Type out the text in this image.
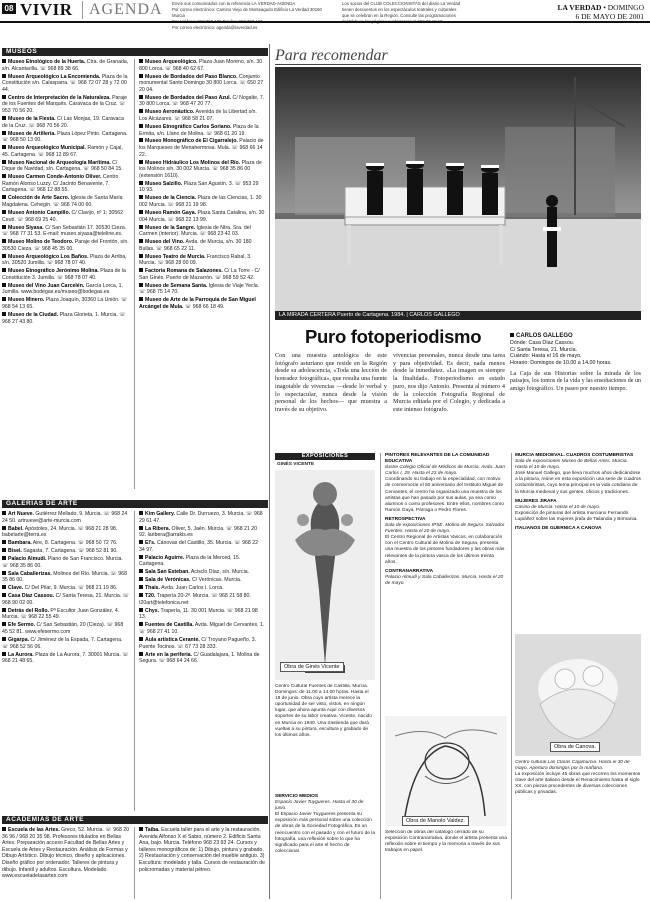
08 VIVIR	AGENDA Envíe sus comunicados con la referencia LA VERDAD-AGENDA
Por correo electrónico: Camino Viejo de Monteagudo Edificio La Verdad 30160 Murcia
Por correo electrónico: agenda@laverdad.es
Los socios del CLUB COLECCIONISTAS del diario La Verdad
tienen descuentos en los espectáculos teatrales y culturales
que se celebran en la Región. Consulte las programaciones
LA VERDAD • DOMINGO
6 DE MAYO DE 2001
MUSEOS

Museo Etnológico de la Huerta. Ctra. de Granada, s/n. Alcantarilla. ☏ 968 89 38 66.

Museo Arqueológico La Encomienda. Plaza de la Constitución s/n. Calasparra. ☏ 968 72 07 28 y 72 00 44.

Centro de Interpretación de la Naturaleza. Paraje de los Fuentes del Marqués. Caravaca de la Cruz. ☏ 953 70 56 20.

Museo de la Fiesta. C/ Las Monjas, 19. Caravaca de la Cruz. ☏ 968 70 56 20.

Museo de Artillería. Plaza López Pinto. Cartagena. ☏ 968 50 13 00.

Museo Arqueológico Municipal. Ramón y Cajal, 45. Cartagena. ☏ 968 12 89 67.

Museo Nacional de Arqueología Marítima. C/ Dique de Navidad, s/n. Cartagena. ☏ 968 50 84 15.

Museo Carmen Conde-Antonio Oliver. Centro Ramón Alonso Luzzy. C/ Jacinto Benavente, 7. Cartagena. ☏ 968 12 88 55.

Colección de Arte Sacro. Iglesia de Santa María Magdalena. Cehegín. ☏ 968 74 00 60.

Museo Antonio Campillo. C/ Clavijo, nº 1; 30562 Ceutí. ☏ 968 69 25 40.

Museo Siyasa. C/ San Sebastián 17. 30530 Cieza. ☏ 968 77 31 53. E-mail: museo.siyasa@teleline.es.

Museo Molino de Teodoro. Paraje del Frontón, s/n. 30530 Cieza. ☏ 968 45 35 00.

Museo Arqueológico Los Baños. Plaza de Arriba, s/n. 30520 Jumilla. ☏ 968 78 07 40.

Museo Etnográfico Jerónimo Molina. Plaza de la Constitución 3. Jumilla. ☏ 968 78 07 40.

Museo del Vino Juan Carcelén. García Lorca, 1. Jumilla. www.bodegas.es/museo@bodegas.es

Museo Minero. Plaza Joaquín, 30360 La Unión. ☏ 968 54 13 65.

Museo de la Ciudad. Plaza Glorieta, 1. Murcia. ☏ 968 27 43 80.

Museo Arqueológico. Plaza Juan Moreno, s/n. 30 800 Lorca. ☏ 968 40 62 67.

Museo de Bordados del Paso Blanco. Conjunto monumental Santo Domingo 30 800 Lorca. ☏ 650 27 20 04.

Museo de Bordados del Paso Azul. C/ Nogalte, 7. 30 800 Lorca. ☏ 968 47 20 77.

Museo Aeronáutico. Avenida de la Libertad s/n. Los Alcázares. ☏ 968 58 21 07.

Museo Etnográfico Carlos Soriano. Plaza de la Ermita, s/n. Llano de Molina. ☏ 968 61 20 19.

Museo Monográfico de El Cigarralejo. Palacio de los Marqueses de Menahermosa. Mula. ☏ 968 66 14 22.

Museo Hidráulico Los Molinos del Río. Plaza de los Molinos s/n. 30 002 Murcia. ☏ 968 35 86 00 (extensión 1610).

Museo Salzillo. Plaza San Agustín, 3. ☏ 953 29 10 93.

Museo de la Ciencia. Plaza de las Ciencias, 1. 30 002 Murcia. ☏ 968 21 19 98.

Museo Ramón Gaya. Plaza Santa Catalina, s/n. 30 004 Murcia. ☏ 968 22 13 99.

Museo de la Sangre. Iglesia de Ntra. Sra. del Carmen (interior). Murcia. ☏ 968 23 42 03.

Museo del Vino. Avda. de Murcia, s/n. 30 180 Bullas. ☏ 968 65 22 11.

Museo Teatro de Murcia. Francisco Rabal, 3. Murcia. ☏ 968 28 00 09.

Factoría Romana de Salazones. C/ La Torre - C/ San Ginés. Puerto de Mazarrón. ☏ 968 59 52 42.

Museo de Semana Santa. Iglesia de Viaje Yecla. ☏ 968 75 14 70.

Museo de Arte de la Parroquia de San Miguel Arcángel de Mula. ☏ 968 66 18 49.

GALERÍAS DE ARTE

Art Nueve. Gutiérrez Mellado, 9. Murcia. ☏ 968 24 24 50. artnueve@arte-murcia.com

Babel. Apóstoles, 24. Murcia. ☏ 968 21 28 98. babelarte@terra.es

Bambara. Aire, 8. Cartagena. ☏ 968 50 72 76.

Bisel. Sagasta, 7. Cartagena. ☏ 968 52 81 90.

Palacio Almudí. Plano de San Francisco. Murcia. ☏ 968 35 86 00.

Sala Caballerizas. Molinos del Río. Murcia. ☏ 968 35 86 00.

Clave. C/ Del Pilar, 9. Murcia. ☏ 968 21 19 86.

Casa Díaz Cassou. C/ Santa Teresa, 21. Murcia. ☏ 968 90 02 00.

Detrás del Rollo. Pº Escultor Juan González, 4. Murcia. ☏ 968 22 55 49.

Efe Sermo. C/ San Sebastián, 20 (Cieza). ☏ 968 45 52 81. www.efesermo.com

Gigarpa. C/ Jiménez de la Espada, 7. Cartagena. ☏ 968 52 56 06.

La Aurora. Plaza de La Aurora, 7. 30001 Murcia. ☏ 968 21 48 65.

Kim Gallery. Calle Dr. Durruezo, 3. Murcia. ☏ 968 29 61 47.

La Ribera. Oliver, 5. Jaén. Murcia. ☏ 968 21 20 92. laribera@arrakis.es

El's. Cánovas del Castillo, 35. Murcia. ☏ 968 22 34 97.

Palacio Aguirre. Plaza de la Merced, 15. Cartagena.

Sala San Esteban. Acisclo Díaz, s/n. Murcia.

Sala de Verónicas. C/ Verónicas. Murcia.

Thais. Avda. Juan Carlos I. Lorca.

T20. Trapería 20-2ª. Murcia. ☏ 968 21 58 80. t20art@telefonica.net

Chys. Trapería, 11. 30 001 Murcia. ☏ 968 21 98 13.

Fuentes de Castilla. Avda. Miguel de Cervantes, 1. ☏ 968 27 41 10.

Aula artística Cerante. C/ Troyano Pagueño, 3. Puente Tocinos. ☏ 67 73 28 333.

Arte en la periferia. C/ Guadalajara, 1. Molina de Segura. ☏ 968 64 24 66.

ACADEMIAS DE ARTE

Escuela de las Artes. Greco, 52. Murcia. ☏ 968 20 36 96 / 968 20 35 98. Profesores titulados en Bellas Artes. Preparación acceso Facultad de Bellas Artes y Escuela de Artes y Restauración. Análisis de Formas y Dibujo Artístico. Dibujo técnico, diseño y aplicaciones. Diseño gráfico por ordenador. Talleres de pintura y dibujo. Infantil y adultos. Escultura. Modelado. www.escueladelasartes.com

Taiba. Escuela taller para el arte y la restauración. Avenida Alfonso X el Sabio, número 2. Edificio Santa Ana, bajo. Murcia. Teléfono 968 23 93 24. Cursos y talleres monográficos de: 1) Dibujo, pintura y grabado. 2) Restauración y conservación del mueble antiguo. 3) Escultura: modelado y talla. Cursos de restauración de policromadas y material pétreo.

Para recomendar
LA MIRADA CERTERA Puerto de Cartagena. 1984. | CARLOS GALLEGO
Puro fotoperiodismo
Con una muestra antológica de este fotógrafo asturiano que reside en la Región desde su adolescencia, «Toda una lección de honradez fotográfica», que resulta una fuente inagotable de vivencias —desde lo verbal y lo espectacular, nunca desde la visión personal de los hechos— que muestra a través de su objetivo.
vivencias personales, nunca desde una tarea y para objetividad. Es decir, nada menos desde la inmediatez. «La imagen es siempre la finalidad». Fotoperiodismo en estado puro, nos dijo Antonio. Presenta al número 4 de la colección Fotografía Regional de Murcia editada por el Colegio, y dedicada a este intenso fotógrafo.
CARLOS GALLEGO
Dónde: Casa Díaz Cassou.
C/ Santa Teresa, 21. Murcia.
Cuándo: Hasta el 16 de mayo.
Horario: Domingos de 10.00 a 14.00 horas.
La Caja de sus Historias sobre la mirada de los paisajes, los tontos de la vida y las ensoñaciones de un amigo fotográfico. Un paseo por nuestro tiempo.
EXPOSICIONES
GINÉS VICENTE
Obra de Ginés Vicente
Centro Cultural Fuentes de Castilla. Murcia. Domingos: de 11.00 a 14.00 horas. Hasta el 18 de junio. Obra cuyo artista merece la oportunidad de ser visto, vistos, en ningún lugar, que ahora apunta Aquí con diversos soportes de su labor creativa. Vicente, nacido en Murcia en 1940. Una trastienda que dará vueltas a su pintura, escultura y grabado de los últimos años.
SERVICIO MEDIOS
Espacio Javier Tuygueres. Hasta el 30 de junio.
El Espacio Javier Tuygueres presenta su exposición más personal sobre una colección de obras de la Sociedad Fotográfica. Es un reencuentro con el pasado y con el futuro de la fotografía, una reflexión sobre lo que ha significado para el arte el hecho de coleccionar.
PINTORES RELEVANTES DE LA COMUNIDAD EDUCATIVA
Ilustre Colegio Oficial de Médicos de Murcia. Avda. Juan Carlos I, 29. Hasta el 23 de mayo.
Coordinando su trabajo en la especialidad, con motivo de conmemorar el 50 aniversario del Instituto Miguel de Cervantes, el centro ha organizado una muestra de los artistas que han pasado por sus aulas, ya sea como alumnos o como profesores. Entre ellos, nombres como Ramón Gaya, Párraga o Pedro Flores.
RETROSPECTIVA
Sala de exposiciones IPSE. Molina de Segura. Salvador Fuentes. Hasta el 20 de mayo.
El Centro Regional de Artistas Vascos, en colaboración con el Centro Cultural de Molina de Segura, presenta una muestra de los pintores fundadores y las obras más relevantes de la pintura vasca de los últimos treinta años.
CONTRANARRATIVA
Palacio Almudí y Sala Caballerizas. Murcia. Hasta el 20 de mayo.
Obra de Manolo Valdez.
Selección de obras del catálogo cerrado de su exposición Contranarrativa, donde el artista presenta una reflexión sobre el tiempo y la memoria a través de sus trabajos en papel.
MURCIA MEDIOEVAL. CUADROS COSTUMBRISTAS
Sala de exposiciones Museo de Bellas Artes. Murcia. Hasta el 10 de mayo.
José Manuel Gallego, que lleva muchos años dedicándose a la pintura, reúne en esta exposición una serie de cuadros costumbristas, cuyo tema principal es la vida cotidiana de la Murcia medieval y sus gentes, oficios y tradiciones.
MUJERES JIRAFA
Casino de Murcia. Hasta el 10 de mayo.
Exposición de pinturas del artista murciano Fernando Lupiáñez sobre las mujeres jirafa de Tailandia y Birmania.
ITALIANOS DE GUERNICA A CANOVA
Obra de Canova.
Centro cultural Las Claras Cajamurcia. Hasta el 30 de mayo. Apertura domingos por la mañana.
La exposición incluye 45 obras que recorren los momentos clave del arte italiano desde el Renacimiento hasta el siglo XX, con piezas procedentes de diversas colecciones públicas y privadas.
